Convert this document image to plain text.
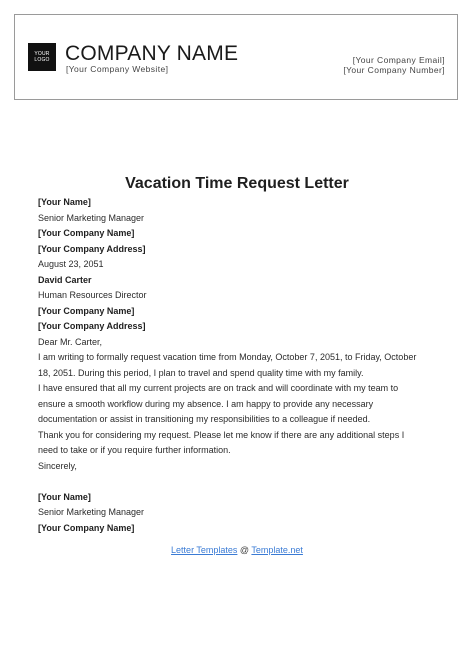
YOUR
LOGO COMPANY NAME
[Your Company Website]
[Your Company Email]
[Your Company Number]
Vacation Time Request Letter
[Your Name]
Senior Marketing Manager
[Your Company Name]
[Your Company Address]
August 23, 2051
David Carter
Human Resources Director
[Your Company Name]
[Your Company Address]
Dear Mr. Carter,
I am writing to formally request vacation time from Monday, October 7, 2051, to Friday, October
18, 2051. During this period, I plan to travel and spend quality time with my family.
I have ensured that all my current projects are on track and will coordinate with my team to
ensure a smooth workflow during my absence. I am happy to provide any necessary
documentation or assist in transitioning my responsibilities to a colleague if needed.
Thank you for considering my request. Please let me know if there are any additional steps I
need to take or if you require further information.
Sincerely,
[Your Name]
Senior Marketing Manager
[Your Company Name]
Letter Templates @ Template.net
